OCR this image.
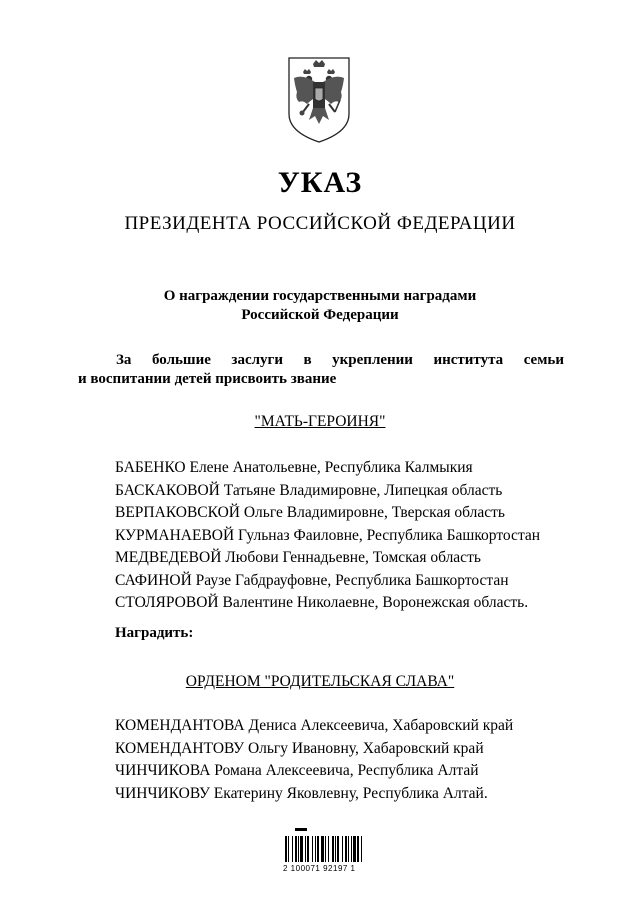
УКАЗ
ПРЕЗИДЕНТА РОССИЙСКОЙ ФЕДЕРАЦИИ
О награждении государственными наградами
Российской Федерации
За большие заслуги в укреплении института семьи
и воспитании детей присвоить звание
"МАТЬ-ГЕРОИНЯ"
БАБЕНКО Елене Анатольевне, Республика Калмыкия
БАСКАКОВОЙ Татьяне Владимировне, Липецкая область
ВЕРПАКОВСКОЙ Ольге Владимировне, Тверская область
КУРМАНАЕВОЙ Гульназ Фаиловне, Республика Башкортостан
МЕДВЕДЕВОЙ Любови Геннадьевне, Томская область
САФИНОЙ Раузе Габдрауфовне, Республика Башкортостан
СТОЛЯРОВОЙ Валентине Николаевне, Воронежская область.
Наградить:
ОРДЕНОМ "РОДИТЕЛЬСКАЯ СЛАВА"
КОМЕНДАНТОВА Дениса Алексеевича, Хабаровский край
КОМЕНДАНТОВУ Ольгу Ивановну, Хабаровский край
ЧИНЧИКОВА Романа Алексеевича, Республика Алтай
ЧИНЧИКОВУ Екатерину Яковлевну, Республика Алтай.
2 100071 92197 1
